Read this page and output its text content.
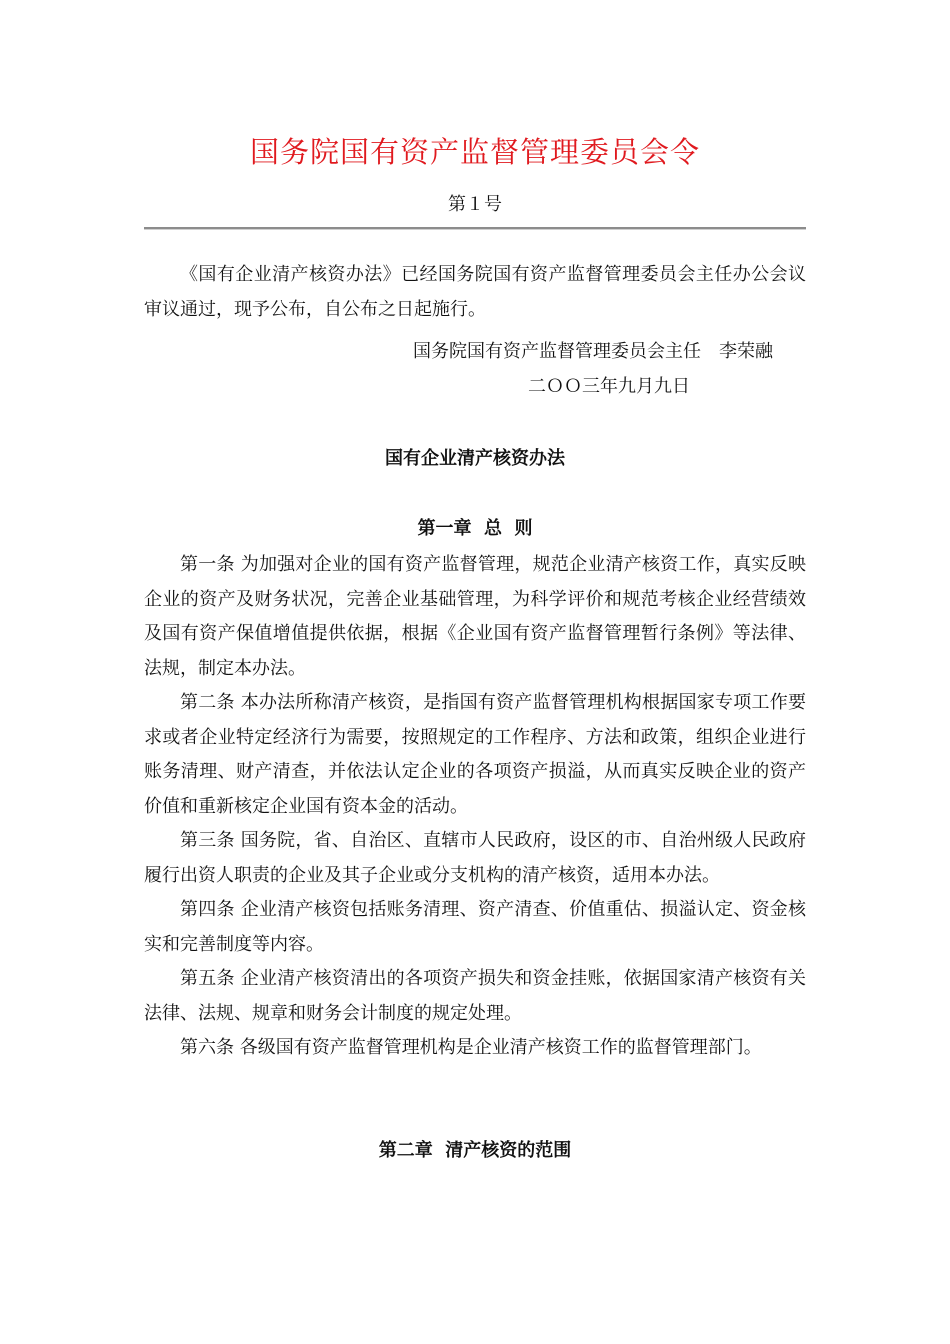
国务院国有资产监督管理委员会令
第１号

《国有企业清产核资办法》已经国务院国有资产监督管理委员会主任办公会议审议通过，现予公布，自公布之日起施行。

国务院国有资产监督管理委员会主任　李荣融
二ＯＯ三年九月九日
国有企业清产核资办法
第一章  总  则

第一条 为加强对企业的国有资产监督管理，规范企业清产核资工作，真实反映企业的资产及财务状况，完善企业基础管理，为科学评价和规范考核企业经营绩效及国有资产保值增值提供依据，根据《企业国有资产监督管理暂行条例》等法律、法规，制定本办法。

第二条 本办法所称清产核资，是指国有资产监督管理机构根据国家专项工作要求或者企业特定经济行为需要，按照规定的工作程序、方法和政策，组织企业进行账务清理、财产清查，并依法认定企业的各项资产损溢，从而真实反映企业的资产价值和重新核定企业国有资本金的活动。

第三条 国务院，省、自治区、直辖市人民政府，设区的市、自治州级人民政府履行出资人职责的企业及其子企业或分支机构的清产核资，适用本办法。

第四条 企业清产核资包括账务清理、资产清查、价值重估、损溢认定、资金核实和完善制度等内容。

第五条 企业清产核资清出的各项资产损失和资金挂账，依据国家清产核资有关法律、法规、规章和财务会计制度的规定处理。

第六条 各级国有资产监督管理机构是企业清产核资工作的监督管理部门。

第二章  清产核资的范围
